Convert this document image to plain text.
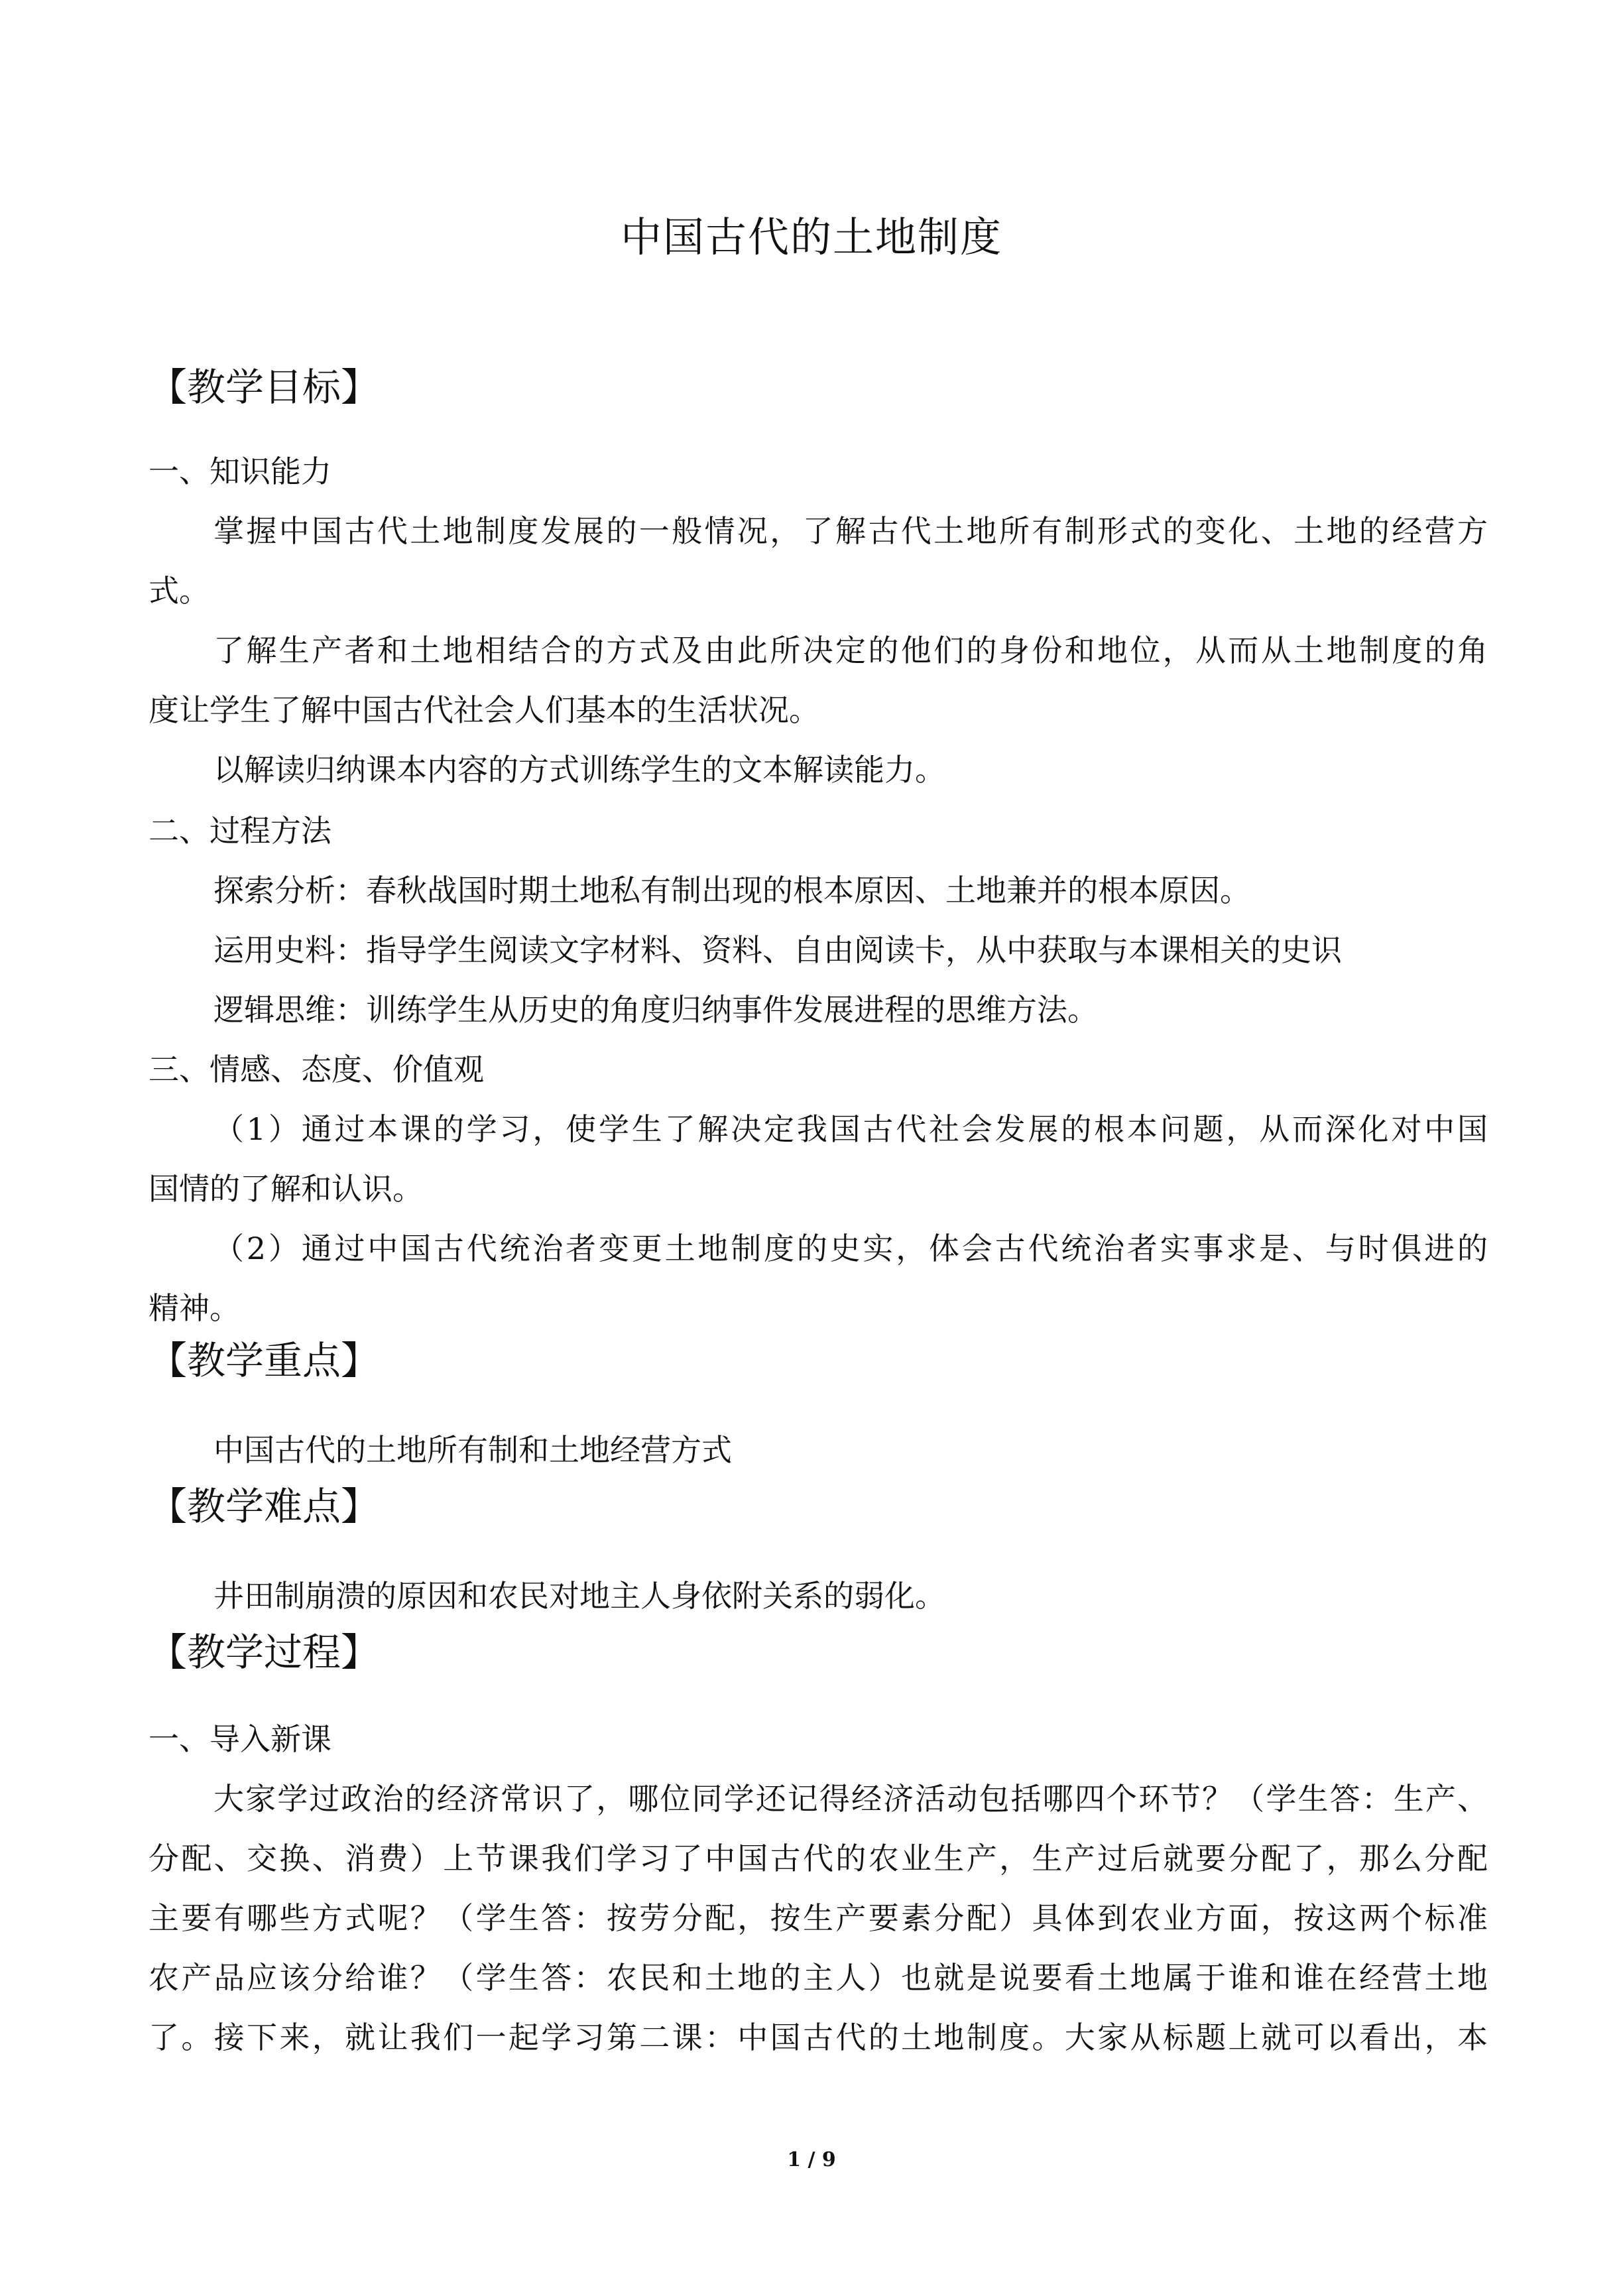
中国古代的土地制度
【教学目标】
一、知识能力
掌握中国古代土地制度发展的一般情况，了解古代土地所有制形式的变化、土地的经营方
式。
了解生产者和土地相结合的方式及由此所决定的他们的身份和地位，从而从土地制度的角
度让学生了解中国古代社会人们基本的生活状况。
以解读归纳课本内容的方式训练学生的文本解读能力。
二、过程方法
探索分析：春秋战国时期土地私有制出现的根本原因、土地兼并的根本原因。
运用史料：指导学生阅读文字材料、资料、自由阅读卡，从中获取与本课相关的史识
逻辑思维：训练学生从历史的角度归纳事件发展进程的思维方法。
三、情感、态度、价值观
（1）通过本课的学习，使学生了解决定我国古代社会发展的根本问题，从而深化对中国
国情的了解和认识。
（2）通过中国古代统治者变更土地制度的史实，体会古代统治者实事求是、与时俱进的
精神。
【教学重点】
中国古代的土地所有制和土地经营方式
【教学难点】
井田制崩溃的原因和农民对地主人身依附关系的弱化。
【教学过程】
一、导入新课
大家学过政治的经济常识了，哪位同学还记得经济活动包括哪四个环节？（学生答：生产、
分配、交换、消费）上节课我们学习了中国古代的农业生产，生产过后就要分配了，那么分配
主要有哪些方式呢？（学生答：按劳分配，按生产要素分配）具体到农业方面，按这两个标准
农产品应该分给谁？（学生答：农民和土地的主人）也就是说要看土地属于谁和谁在经营土地
了。接下来，就让我们一起学习第二课：中国古代的土地制度。大家从标题上就可以看出，本
1 / 9
